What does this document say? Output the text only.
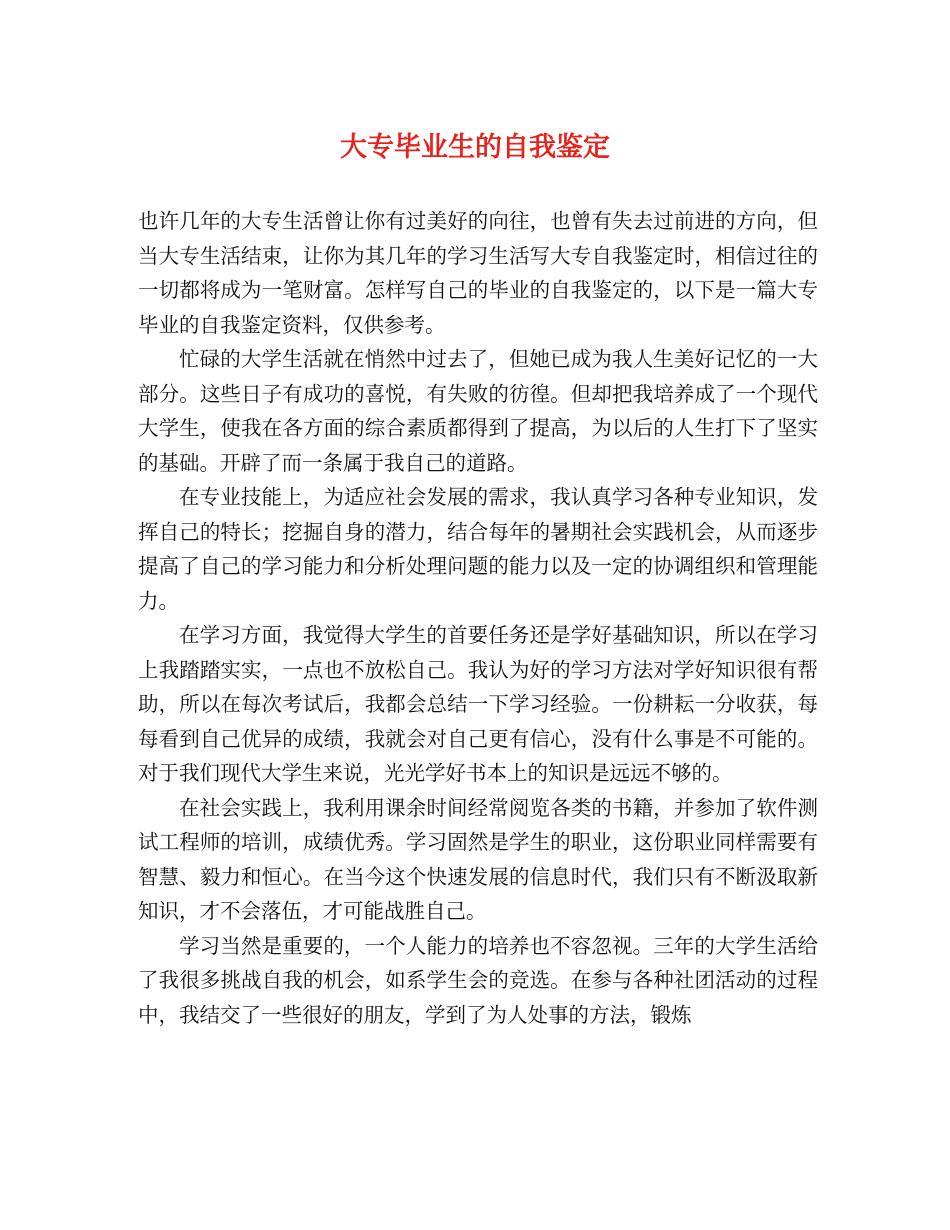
大专毕业生的自我鉴定

也许几年的大专生活曾让你有过美好的向往，也曾有失去过前进的方向，但当大专生活结束，让你为其几年的学习生活写大专自我鉴定时，相信过往的一切都将成为一笔财富。怎样写自己的毕业的自我鉴定的，以下是一篇大专毕业的自我鉴定资料，仅供参考。

忙碌的大学生活就在悄然中过去了，但她已成为我人生美好记忆的一大部分。这些日子有成功的喜悦，有失败的彷徨。但却把我培养成了一个现代大学生，使我在各方面的综合素质都得到了提高，为以后的人生打下了坚实的基础。开辟了而一条属于我自己的道路。

在专业技能上，为适应社会发展的需求，我认真学习各种专业知识，发挥自己的特长；挖掘自身的潜力，结合每年的暑期社会实践机会，从而逐步提高了自己的学习能力和分析处理问题的能力以及一定的协调组织和管理能力。

在学习方面，我觉得大学生的首要任务还是学好基础知识，所以在学习上我踏踏实实，一点也不放松自己。我认为好的学习方法对学好知识很有帮助，所以在每次考试后，我都会总结一下学习经验。一份耕耘一分收获，每每看到自己优异的成绩，我就会对自己更有信心，没有什么事是不可能的。对于我们现代大学生来说，光光学好书本上的知识是远远不够的。

在社会实践上，我利用课余时间经常阅览各类的书籍，并参加了软件测试工程师的培训，成绩优秀。学习固然是学生的职业，这份职业同样需要有智慧、毅力和恒心。在当今这个快速发展的信息时代，我们只有不断汲取新知识，才不会落伍，才可能战胜自己。

学习当然是重要的，一个人能力的培养也不容忽视。三年的大学生活给了我很多挑战自我的机会，如系学生会的竞选。在参与各种社团活动的过程中，我结交了一些很好的朋友，学到了为人处事的方法，锻炼
